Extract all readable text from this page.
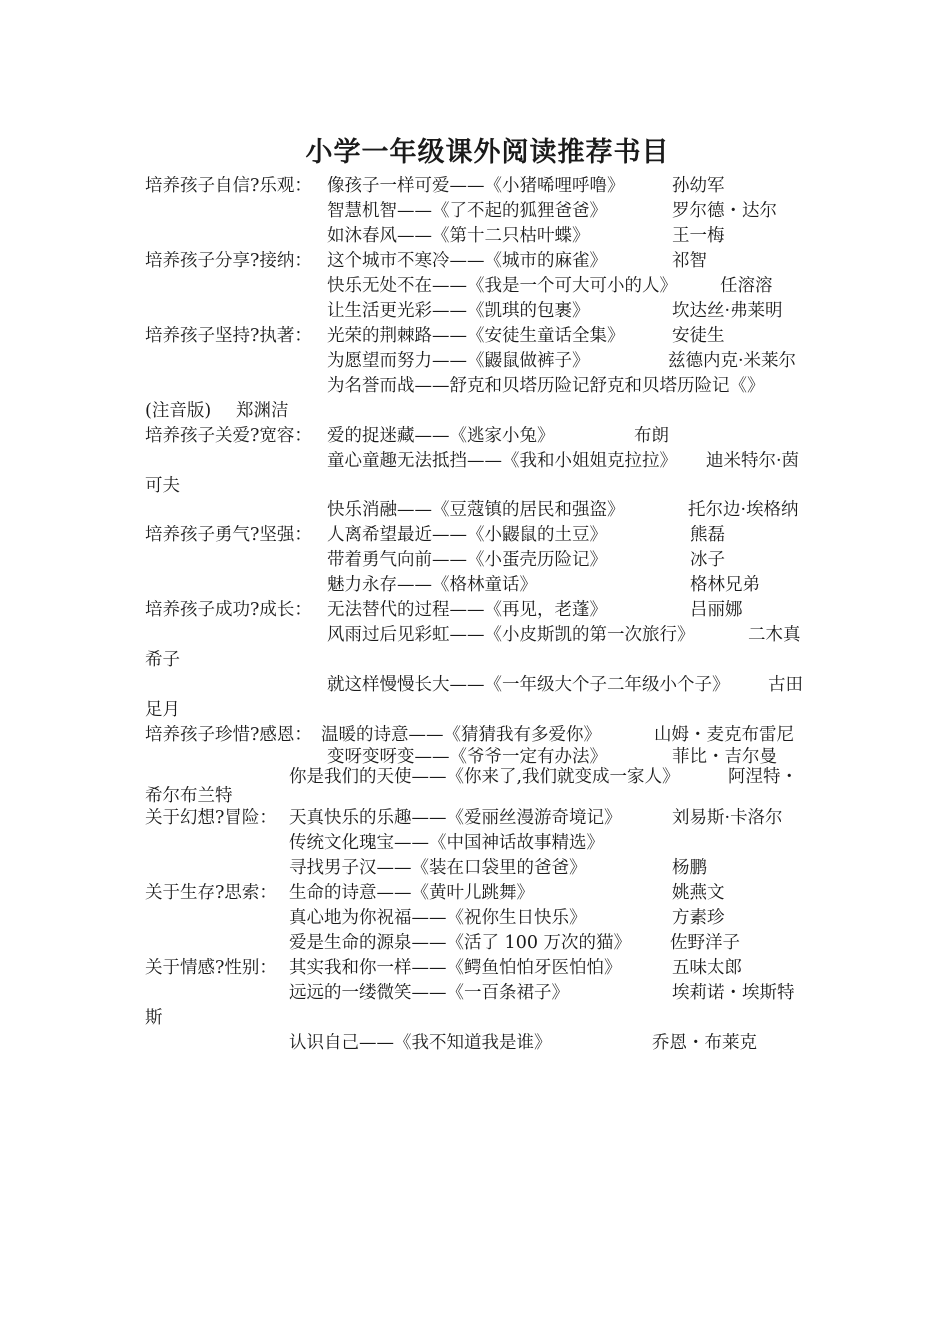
小学一年级课外阅读推荐书目
培养孩子自信?乐观： 像孩子一样可爱——《小猪唏哩呼噜》	孙幼军
智慧机智——《了不起的狐狸爸爸》	罗尔德・达尔
如沐春风——《第十二只枯叶蝶》	王一梅
培养孩子分享?接纳： 这个城市不寒冷——《城市的麻雀》	祁智
快乐无处不在——《我是一个可大可小的人》 任溶溶
让生活更光彩——《凯琪的包裹》	坎达丝·弗莱明
培养孩子坚持?执著： 光荣的荆棘路——《安徒生童话全集》	安徒生
为愿望而努力——《鼹鼠做裤子》	兹德内克·米莱尔
为名誉而战——舒克和贝塔历险记舒克和贝塔历险记《》
(注音版) 郑渊洁
培养孩子关爱?宽容： 爱的捉迷藏——《逃家小兔》	布朗
童心童趣无法抵挡——《我和小姐姐克拉拉》 迪米特尔·茵
可夫
快乐消融——《豆蔻镇的居民和强盗》	托尔边·埃格纳
培养孩子勇气?坚强： 人离希望最近——《小鼹鼠的土豆》	熊磊
带着勇气向前——《小蛋壳历险记》	冰子
魅力永存——《格林童话》	格林兄弟
培养孩子成功?成长： 无法替代的过程——《再见，老蓬》	吕丽娜
风雨过后见彩虹——《小皮斯凯的第一次旅行》	二木真
希子
就这样慢慢长大——《一年级大个子二年级小个子》 古田
足月
培养孩子珍惜?感恩： 温暖的诗意——《猜猜我有多爱你》	山姆・麦克布雷尼
变呀变呀变——《爷爷一定有办法》	菲比・吉尔曼
你是我们的天使——《你来了,我们就变成一家人》	阿涅特・
希尔布兰特
关于幻想?冒险： 天真快乐的乐趣——《爱丽丝漫游奇境记》	刘易斯·卡洛尔
传统文化瑰宝——《中国神话故事精选》
寻找男子汉——《装在口袋里的爸爸》	杨鹏
关于生存?思索： 生命的诗意——《黄叶儿跳舞》	姚燕文
真心地为你祝福——《祝你生日快乐》	方素珍
爱是生命的源泉——《活了 100 万次的猫》 佐野洋子
关于情感?性别： 其实我和你一样——《鳄鱼怕怕牙医怕怕》	五味太郎
远远的一缕微笑——《一百条裙子》	埃莉诺・埃斯特
斯
认识自己——《我不知道我是谁》	乔恩・布莱克
